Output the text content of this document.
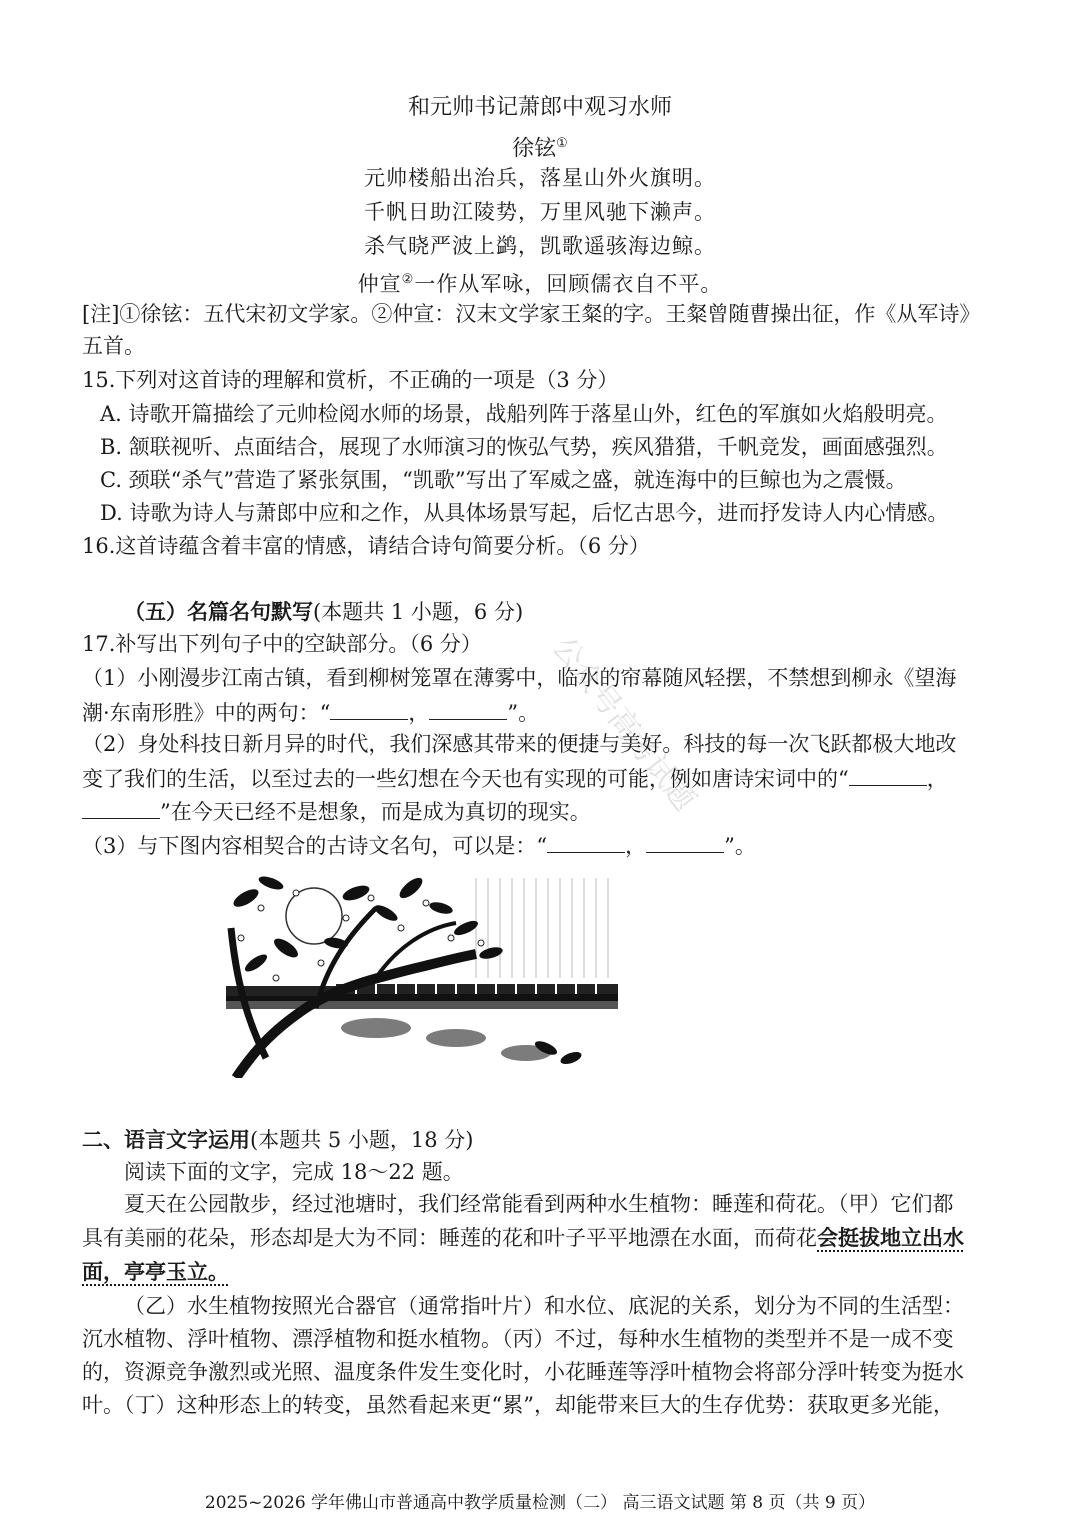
和元帅书记萧郎中观习水师
徐铉①
元帅楼船出治兵，落星山外火旗明。
千帆日助江陵势，万里风驰下濑声。
杀气晓严波上鹢，凯歌遥骇海边鲸。
仲宣②一作从军咏，回顾儒衣自不平。
[注]①徐铉：五代宋初文学家。②仲宣：汉末文学家王粲的字。王粲曾随曹操出征，作《从军诗》
五首。
15.下列对这首诗的理解和赏析，不正确的一项是（3 分）
A. 诗歌开篇描绘了元帅检阅水师的场景，战船列阵于落星山外，红色的军旗如火焰般明亮。
B. 颔联视听、点面结合，展现了水师演习的恢弘气势，疾风猎猎，千帆竞发，画面感强烈。
C. 颈联“杀气”营造了紧张氛围，“凯歌”写出了军威之盛，就连海中的巨鲸也为之震慑。
D. 诗歌为诗人与萧郎中应和之作，从具体场景写起，后忆古思今，进而抒发诗人内心情感。
16.这首诗蕴含着丰富的情感，请结合诗句简要分析。（6 分）
（五）名篇名句默写(本题共 1 小题，6 分)
17.补写出下列句子中的空缺部分。（6 分）
（1）小刚漫步江南古镇，看到柳树笼罩在薄雾中，临水的帘幕随风轻摆，不禁想到柳永《望海
潮·东南形胜》中的两句：“	，	”。
（2）身处科技日新月异的时代，我们深感其带来的便捷与美好。科技的每一次飞跃都极大地改
变了我们的生活，以至过去的一些幻想在今天也有实现的可能，例如唐诗宋词中的“	，
”在今天已经不是想象，而是成为真切的现实。
（3）与下图内容相契合的古诗文名句，可以是：“	，	”。
公众号高考试题
二、语言文字运用(本题共 5 小题，18 分)
阅读下面的文字，完成 18～22 题。
夏天在公园散步，经过池塘时，我们经常能看到两种水生植物：睡莲和荷花。（甲）它们都
具有美丽的花朵，形态却是大为不同：睡莲的花和叶子平平地漂在水面，而荷花会挺拔地立出水
面，亭亭玉立。
（乙）水生植物按照光合器官（通常指叶片）和水位、底泥的关系，划分为不同的生活型：
沉水植物、浮叶植物、漂浮植物和挺水植物。（丙）不过，每种水生植物的类型并不是一成不变
的，资源竞争激烈或光照、温度条件发生变化时，小花睡莲等浮叶植物会将部分浮叶转变为挺水
叶。（丁）这种形态上的转变，虽然看起来更“累”，却能带来巨大的生存优势：获取更多光能，
2025~2026 学年佛山市普通高中教学质量检测（二） 高三语文试题 第 8 页（共 9 页）
